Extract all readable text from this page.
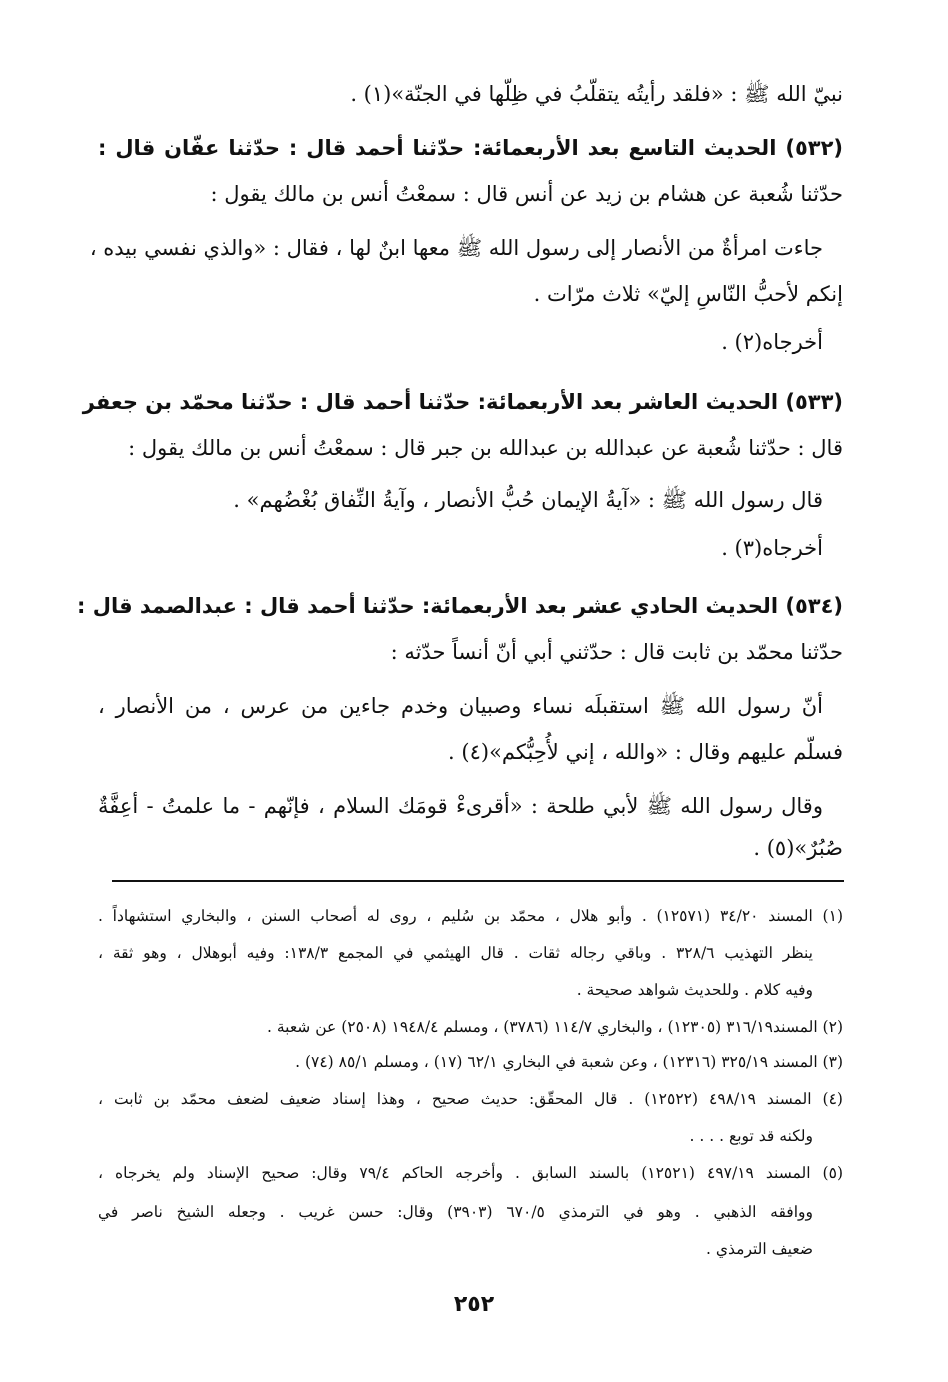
نبيّ الله ﷺ : «فلقد رأيتُه يتقلّبُ في ظِلّها في الجنّة»(١) .
(٥٣٢) الحديث التاسع بعد الأربعمائة: حدّثنا أحمد قال : حدّثنا عفّان قال :
حدّثنا شُعبة عن هشام بن زيد عن أنس قال : سمعْتُ أنس بن مالك يقول :
جاءت امرأةٌ من الأنصار إلى رسول الله ﷺ معها ابنٌ لها ، فقال : «والذي نفسي بيده ،
إنكم لأحبُّ النّاسِ إليّ» ثلاث مرّات .
أخرجاه(٢) .
(٥٣٣) الحديث العاشر بعد الأربعمائة: حدّثنا أحمد قال : حدّثنا محمّد بن جعفر
قال : حدّثنا شُعبة عن عبدالله بن عبدالله بن جبر قال : سمعْتُ أنس بن مالك يقول :
قال رسول الله ﷺ : «آيةُ الإيمان حُبُّ الأنصار ، وآيةُ النِّفاق بُغْضُهم» .
أخرجاه(٣) .
(٥٣٤) الحديث الحادي عشر بعد الأربعمائة: حدّثنا أحمد قال : عبدالصمد قال :
حدّثنا محمّد بن ثابت قال : حدّثني أبي أنّ أنساً حدّثه :
أنّ رسول الله ﷺ استقبلَه نساء وصبيان وخدم جاءين من عرس ، من الأنصار ،
فسلّم عليهم وقال : «والله ، إني لأُحِبُّكم»(٤) .
وقال رسول الله ﷺ لأبي طلحة : «أقرىءْ قومَك السلام ، فإنّهم - ما علمتُ - أعِفَّةٌ
صُبُرٌ»(٥) .
(١) المسند ٣٤/٢٠ (١٢٥٧١) . وأبو هلال ، محمّد بن سُليم ، روى له أصحاب السنن ، والبخاري استشهاداً .
ينظر التهذيب ٣٢٨/٦ . وباقي رجاله ثقات . قال الهيثمي في المجمع ١٣٨/٣: وفيه أبوهلال ، وهو ثقة ،
وفيه كلام . وللحديث شواهد صحيحة .
(٢) المسند٣١٦/١٩ (١٢٣٠٥) ، والبخاري ١١٤/٧ (٣٧٨٦) ، ومسلم ١٩٤٨/٤ (٢٥٠٨) عن شعبة .
(٣) المسند ٣٢٥/١٩ (١٢٣١٦) ، وعن شعبة في البخاري ٦٢/١ (١٧) ، ومسلم ٨٥/١ (٧٤) .
(٤) المسند ٤٩٨/١٩ (١٢٥٢٢) . قال المحقّق: حديث صحيح ، وهذا إسناد ضعيف لضعف محمّد بن ثابت ،
ولكنه قد توبع . . . .
(٥) المسند ٤٩٧/١٩ (١٢٥٢١) بالسند السابق . وأخرجه الحاكم ٧٩/٤ وقال: صحيح الإسناد ولم يخرجاه ،
ووافقه الذهبي . وهو في الترمذي ٦٧٠/٥ (٣٩٠٣) وقال: حسن غريب . وجعله الشيخ ناصر في
ضعيف الترمذي .
٢٥٢
